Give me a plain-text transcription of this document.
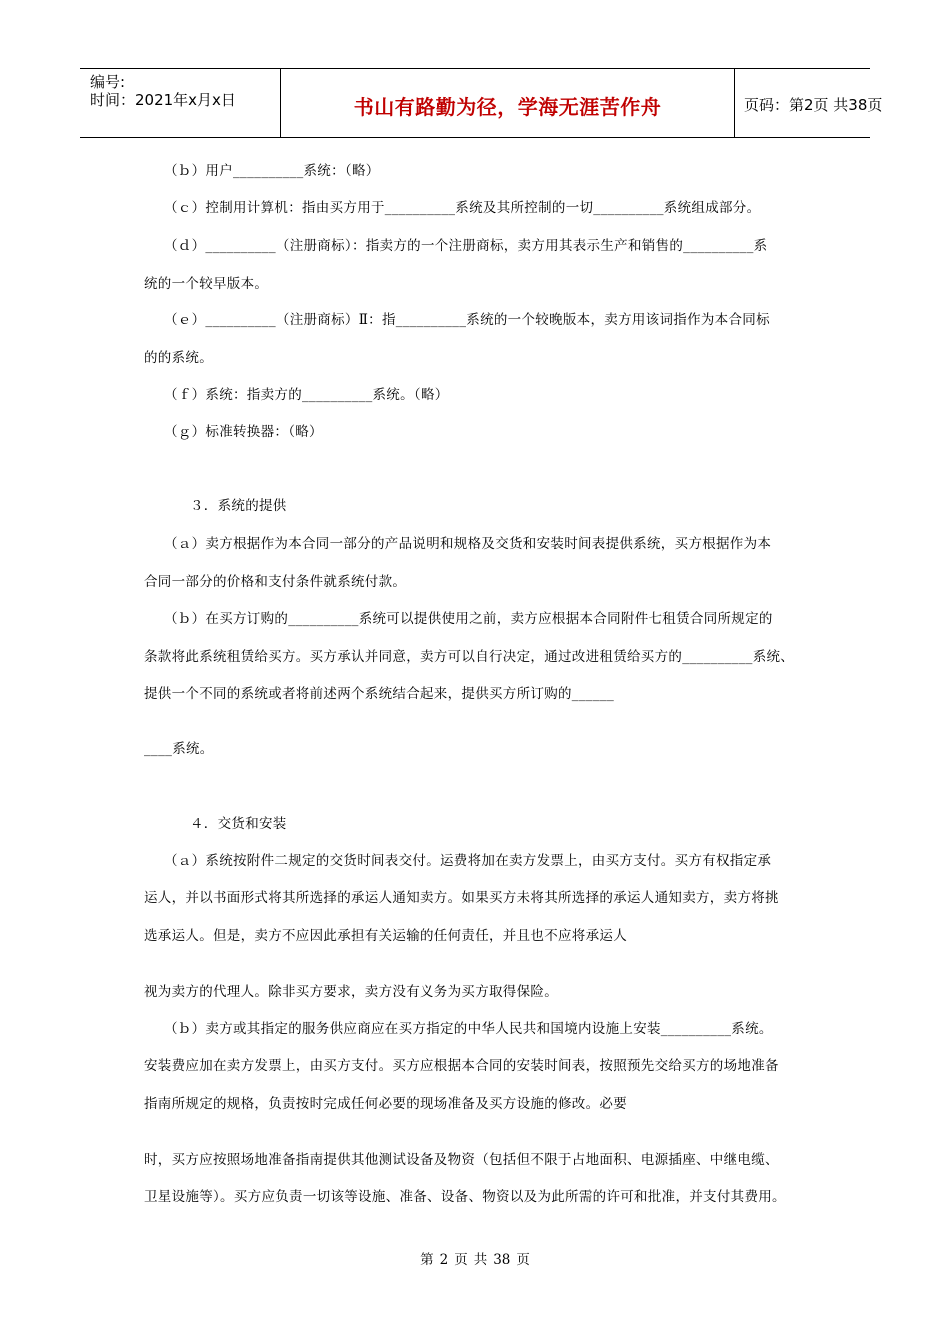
编号:
时间：2021年x月x日	书山有路勤为径，学海无涯苦作舟	页码：第2页 共38页
（ｂ）用户__________系统：（略）
（ｃ）控制用计算机：指由买方用于__________系统及其所控制的一切__________系统组成部分。
（ｄ）__________（注册商标）：指卖方的一个注册商标，卖方用其表示生产和销售的__________系
统的一个较早版本。
（ｅ）__________（注册商标）Ⅱ：指__________系统的一个较晚版本，卖方用该词指作为本合同标
的的系统。
（ｆ）系统：指卖方的__________系统。（略）
（ｇ）标准转换器：（略）
３．系统的提供
（ａ）卖方根据作为本合同一部分的产品说明和规格及交货和安装时间表提供系统，买方根据作为本
合同一部分的价格和支付条件就系统付款。
（ｂ）在买方订购的__________系统可以提供使用之前，卖方应根据本合同附件七租赁合同所规定的
条款将此系统租赁给买方。买方承认并同意，卖方可以自行决定，通过改进租赁给买方的__________系统、
提供一个不同的系统或者将前述两个系统结合起来，提供买方所订购的______
____系统。
４．交货和安装
（ａ）系统按附件二规定的交货时间表交付。运费将加在卖方发票上，由买方支付。买方有权指定承
运人，并以书面形式将其所选择的承运人通知卖方。如果买方未将其所选择的承运人通知卖方，卖方将挑
选承运人。但是，卖方不应因此承担有关运输的任何责任，并且也不应将承运人
视为卖方的代理人。除非买方要求，卖方没有义务为买方取得保险。
（ｂ）卖方或其指定的服务供应商应在买方指定的中华人民共和国境内设施上安装__________系统。
安装费应加在卖方发票上，由买方支付。买方应根据本合同的安装时间表，按照预先交给买方的场地准备
指南所规定的规格，负责按时完成任何必要的现场准备及买方设施的修改。必要
时，买方应按照场地准备指南提供其他测试设备及物资（包括但不限于占地面积、电源插座、中继电缆、
卫星设施等）。买方应负责一切该等设施、准备、设备、物资以及为此所需的许可和批准，并支付其费用。
第 2 页 共 38 页
